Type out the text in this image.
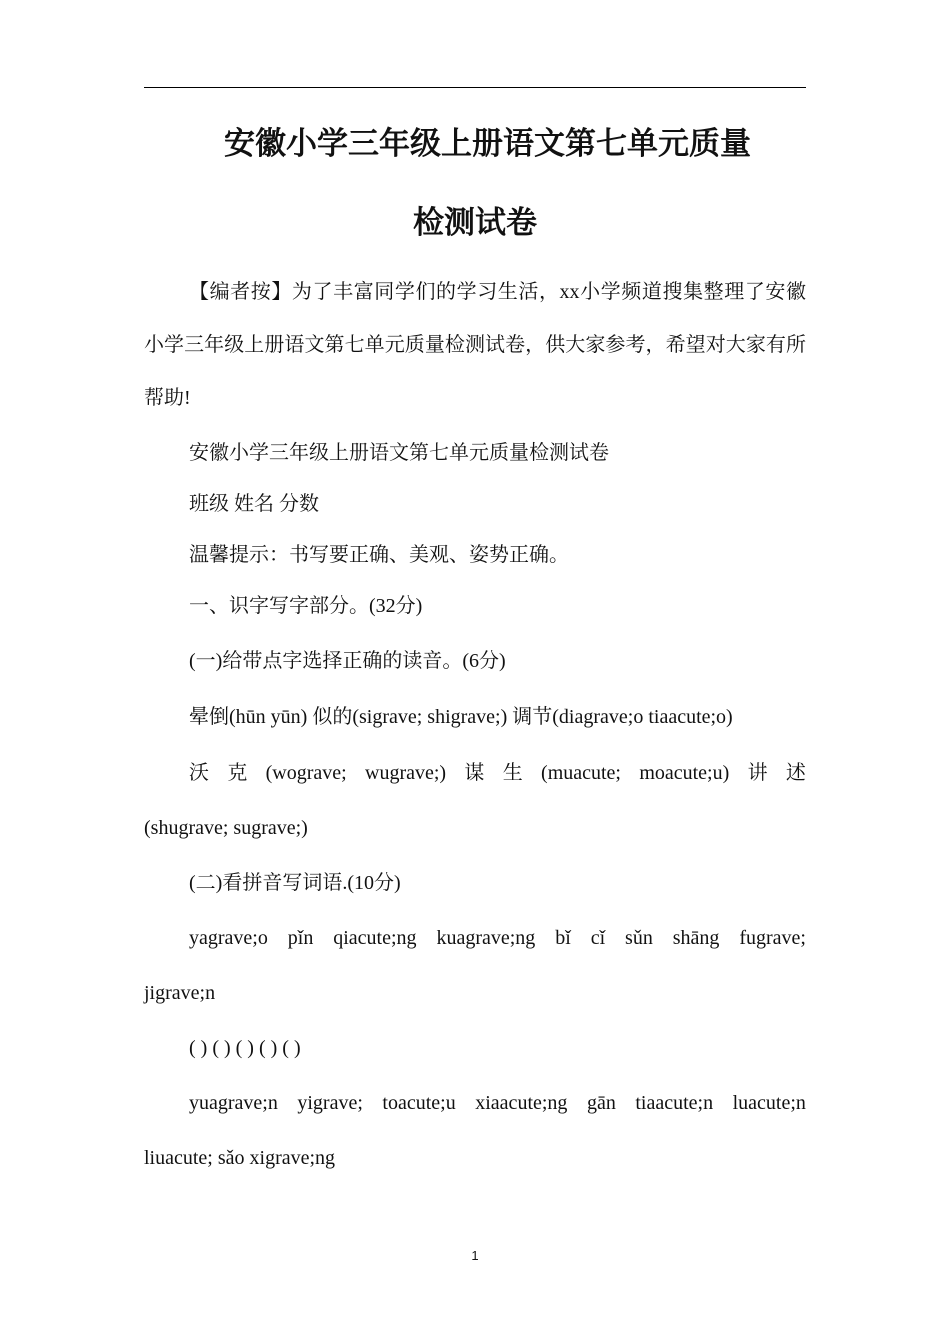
安徽小学三年级上册语文第七单元质量
检测试卷
【编者按】为了丰富同学们的学习生活，xx小学频道搜集整理了安徽小学三年级上册语文第七单元质量检测试卷，供大家参考，希望对大家有所帮助!
安徽小学三年级上册语文第七单元质量检测试卷
班级 姓名 分数
温馨提示：书写要正确、美观、姿势正确。
一、识字写字部分。(32分)
(一)给带点字选择正确的读音。(6分)
晕倒(hūn yūn) 似的(sigrave; shigrave;) 调节(diagrave;o tiaacute;o)
沃 克 (wograve; wugrave;) 谋 生 (muacute; moacute;u) 讲 述
(shugrave; sugrave;)
(二)看拼音写词语.(10分)
yagrave;o pǐn qiacute;ng kuagrave;ng bǐ cǐ sǔn shāng fugrave;
jigrave;n
( ) ( ) ( ) ( ) ( )
yuagrave;n yigrave; toacute;u xiaacute;ng gān tiaacute;n luacute;n
liuacute; sǎo xigrave;ng
1
